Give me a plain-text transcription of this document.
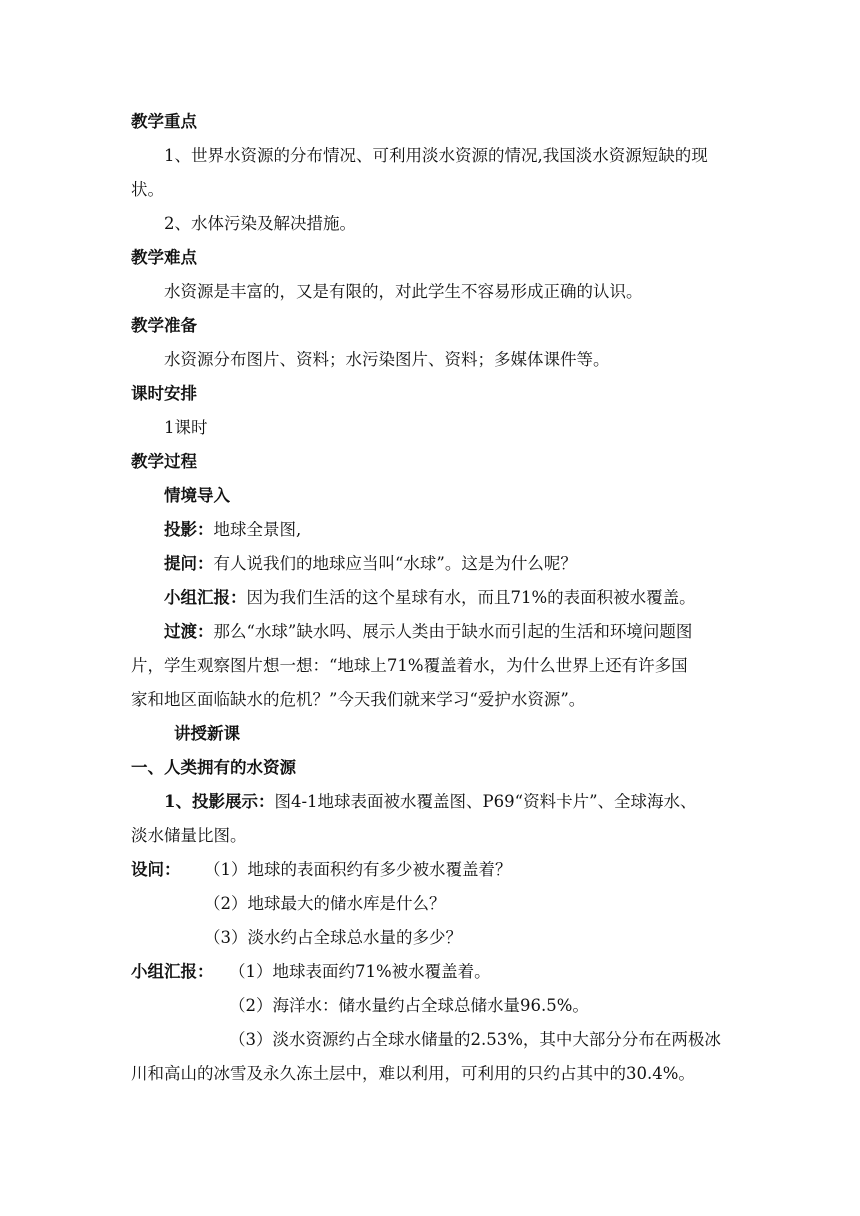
教学重点
1、世界水资源的分布情况、可利用淡水资源的情况,我国淡水资源短缺的现
状。
2、水体污染及解决措施。
教学难点
水资源是丰富的，又是有限的，对此学生不容易形成正确的认识。
教学准备
水资源分布图片、资料；水污染图片、资料；多媒体课件等。
课时安排
1课时
教学过程
情境导入
投影：地球全景图,
提问：有人说我们的地球应当叫“水球”。这是为什么呢？
小组汇报：因为我们生活的这个星球有水，而且71%的表面积被水覆盖。
过渡：那么“水球”缺水吗、展示人类由于缺水而引起的生活和环境问题图
片，学生观察图片想一想：“地球上71%覆盖着水，为什么世界上还有许多国
家和地区面临缺水的危机？”今天我们就来学习“爱护水资源”。
讲授新课
一、人类拥有的水资源
1、投影展示：图4-1地球表面被水覆盖图、P69“资料卡片”、全球海水、
淡水储量比图。
设问：	（1）地球的表面积约有多少被水覆盖着？
（2）地球最大的储水库是什么？
（3）淡水约占全球总水量的多少？
小组汇报： （1）地球表面约71%被水覆盖着。
（2）海洋水：储水量约占全球总储水量96.5%。
（3）淡水资源约占全球水储量的2.53%，其中大部分分布在两极冰
川和高山的冰雪及永久冻土层中，难以利用，可利用的只约占其中的30.4%。
